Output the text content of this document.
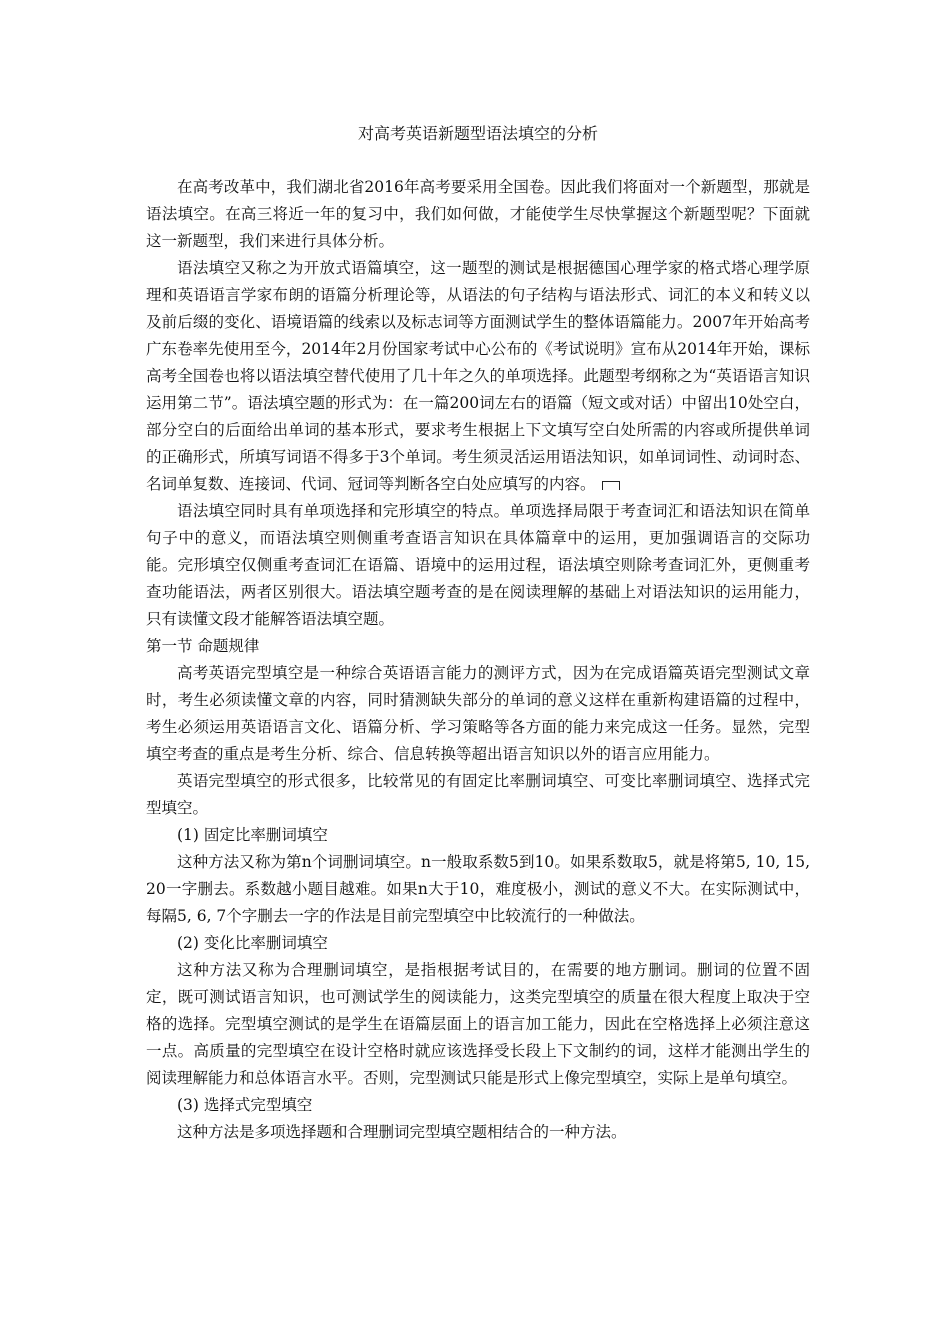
对高考英语新题型语法填空的分析

在高考改革中，我们湖北省2016年高考要采用全国卷。因此我们将面对一个新题型，那就是语法填空。在高三将近一年的复习中，我们如何做，才能使学生尽快掌握这个新题型呢？下面就这一新题型，我们来进行具体分析。

语法填空又称之为开放式语篇填空，这一题型的测试是根据德国心理学家的格式塔心理学原理和英语语言学家布朗的语篇分析理论等，从语法的句子结构与语法形式、词汇的本义和转义以及前后缀的变化、语境语篇的线索以及标志词等方面测试学生的整体语篇能力。2007年开始高考广东卷率先使用至今，2014年2月份国家考试中心公布的《考试说明》宣布从2014年开始，课标高考全国卷也将以语法填空替代使用了几十年之久的单项选择。此题型考纲称之为“英语语言知识运用第二节”。语法填空题的形式为：在一篇200词左右的语篇（短文或对话）中留出10处空白，部分空白的后面给出单词的基本形式，要求考生根据上下文填写空白处所需的内容或所提供单词的正确形式，所填写词语不得多于3个单词。考生须灵活运用语法知识，如单词词性、动词时态、名词单复数、连接词、代词、冠词等判断各空白处应填写的内容。

语法填空同时具有单项选择和完形填空的特点。单项选择局限于考查词汇和语法知识在简单句子中的意义，而语法填空则侧重考查语言知识在具体篇章中的运用，更加强调语言的交际功能。完形填空仅侧重考查词汇在语篇、语境中的运用过程，语法填空则除考查词汇外，更侧重考查功能语法，两者区别很大。语法填空题考查的是在阅读理解的基础上对语法知识的运用能力，只有读懂文段才能解答语法填空题。

第一节 命题规律

高考英语完型填空是一种综合英语语言能力的测评方式，因为在完成语篇英语完型测试文章时，考生必须读懂文章的内容，同时猜测缺失部分的单词的意义这样在重新构建语篇的过程中，考生必须运用英语语言文化、语篇分析、学习策略等各方面的能力来完成这一任务。显然，完型填空考查的重点是考生分析、综合、信息转换等超出语言知识以外的语言应用能力。

英语完型填空的形式很多，比较常见的有固定比率删词填空、可变比率删词填空、选择式完型填空。

(1) 固定比率删词填空

这种方法又称为第n个词删词填空。n一般取系数5到10。如果系数取5，就是将第5, 10, 15, 20一字删去。系数越小题目越难。如果n大于10，难度极小，测试的意义不大。在实际测试中，每隔5, 6, 7个字删去一字的作法是目前完型填空中比较流行的一种做法。

(2) 变化比率删词填空

这种方法又称为合理删词填空，是指根据考试目的，在需要的地方删词。删词的位置不固定，既可测试语言知识，也可测试学生的阅读能力，这类完型填空的质量在很大程度上取决于空格的选择。完型填空测试的是学生在语篇层面上的语言加工能力，因此在空格选择上必须注意这一点。高质量的完型填空在设计空格时就应该选择受长段上下文制约的词，这样才能测出学生的阅读理解能力和总体语言水平。否则，完型测试只能是形式上像完型填空，实际上是单句填空。

(3) 选择式完型填空

这种方法是多项选择题和合理删词完型填空题相结合的一种方法。
